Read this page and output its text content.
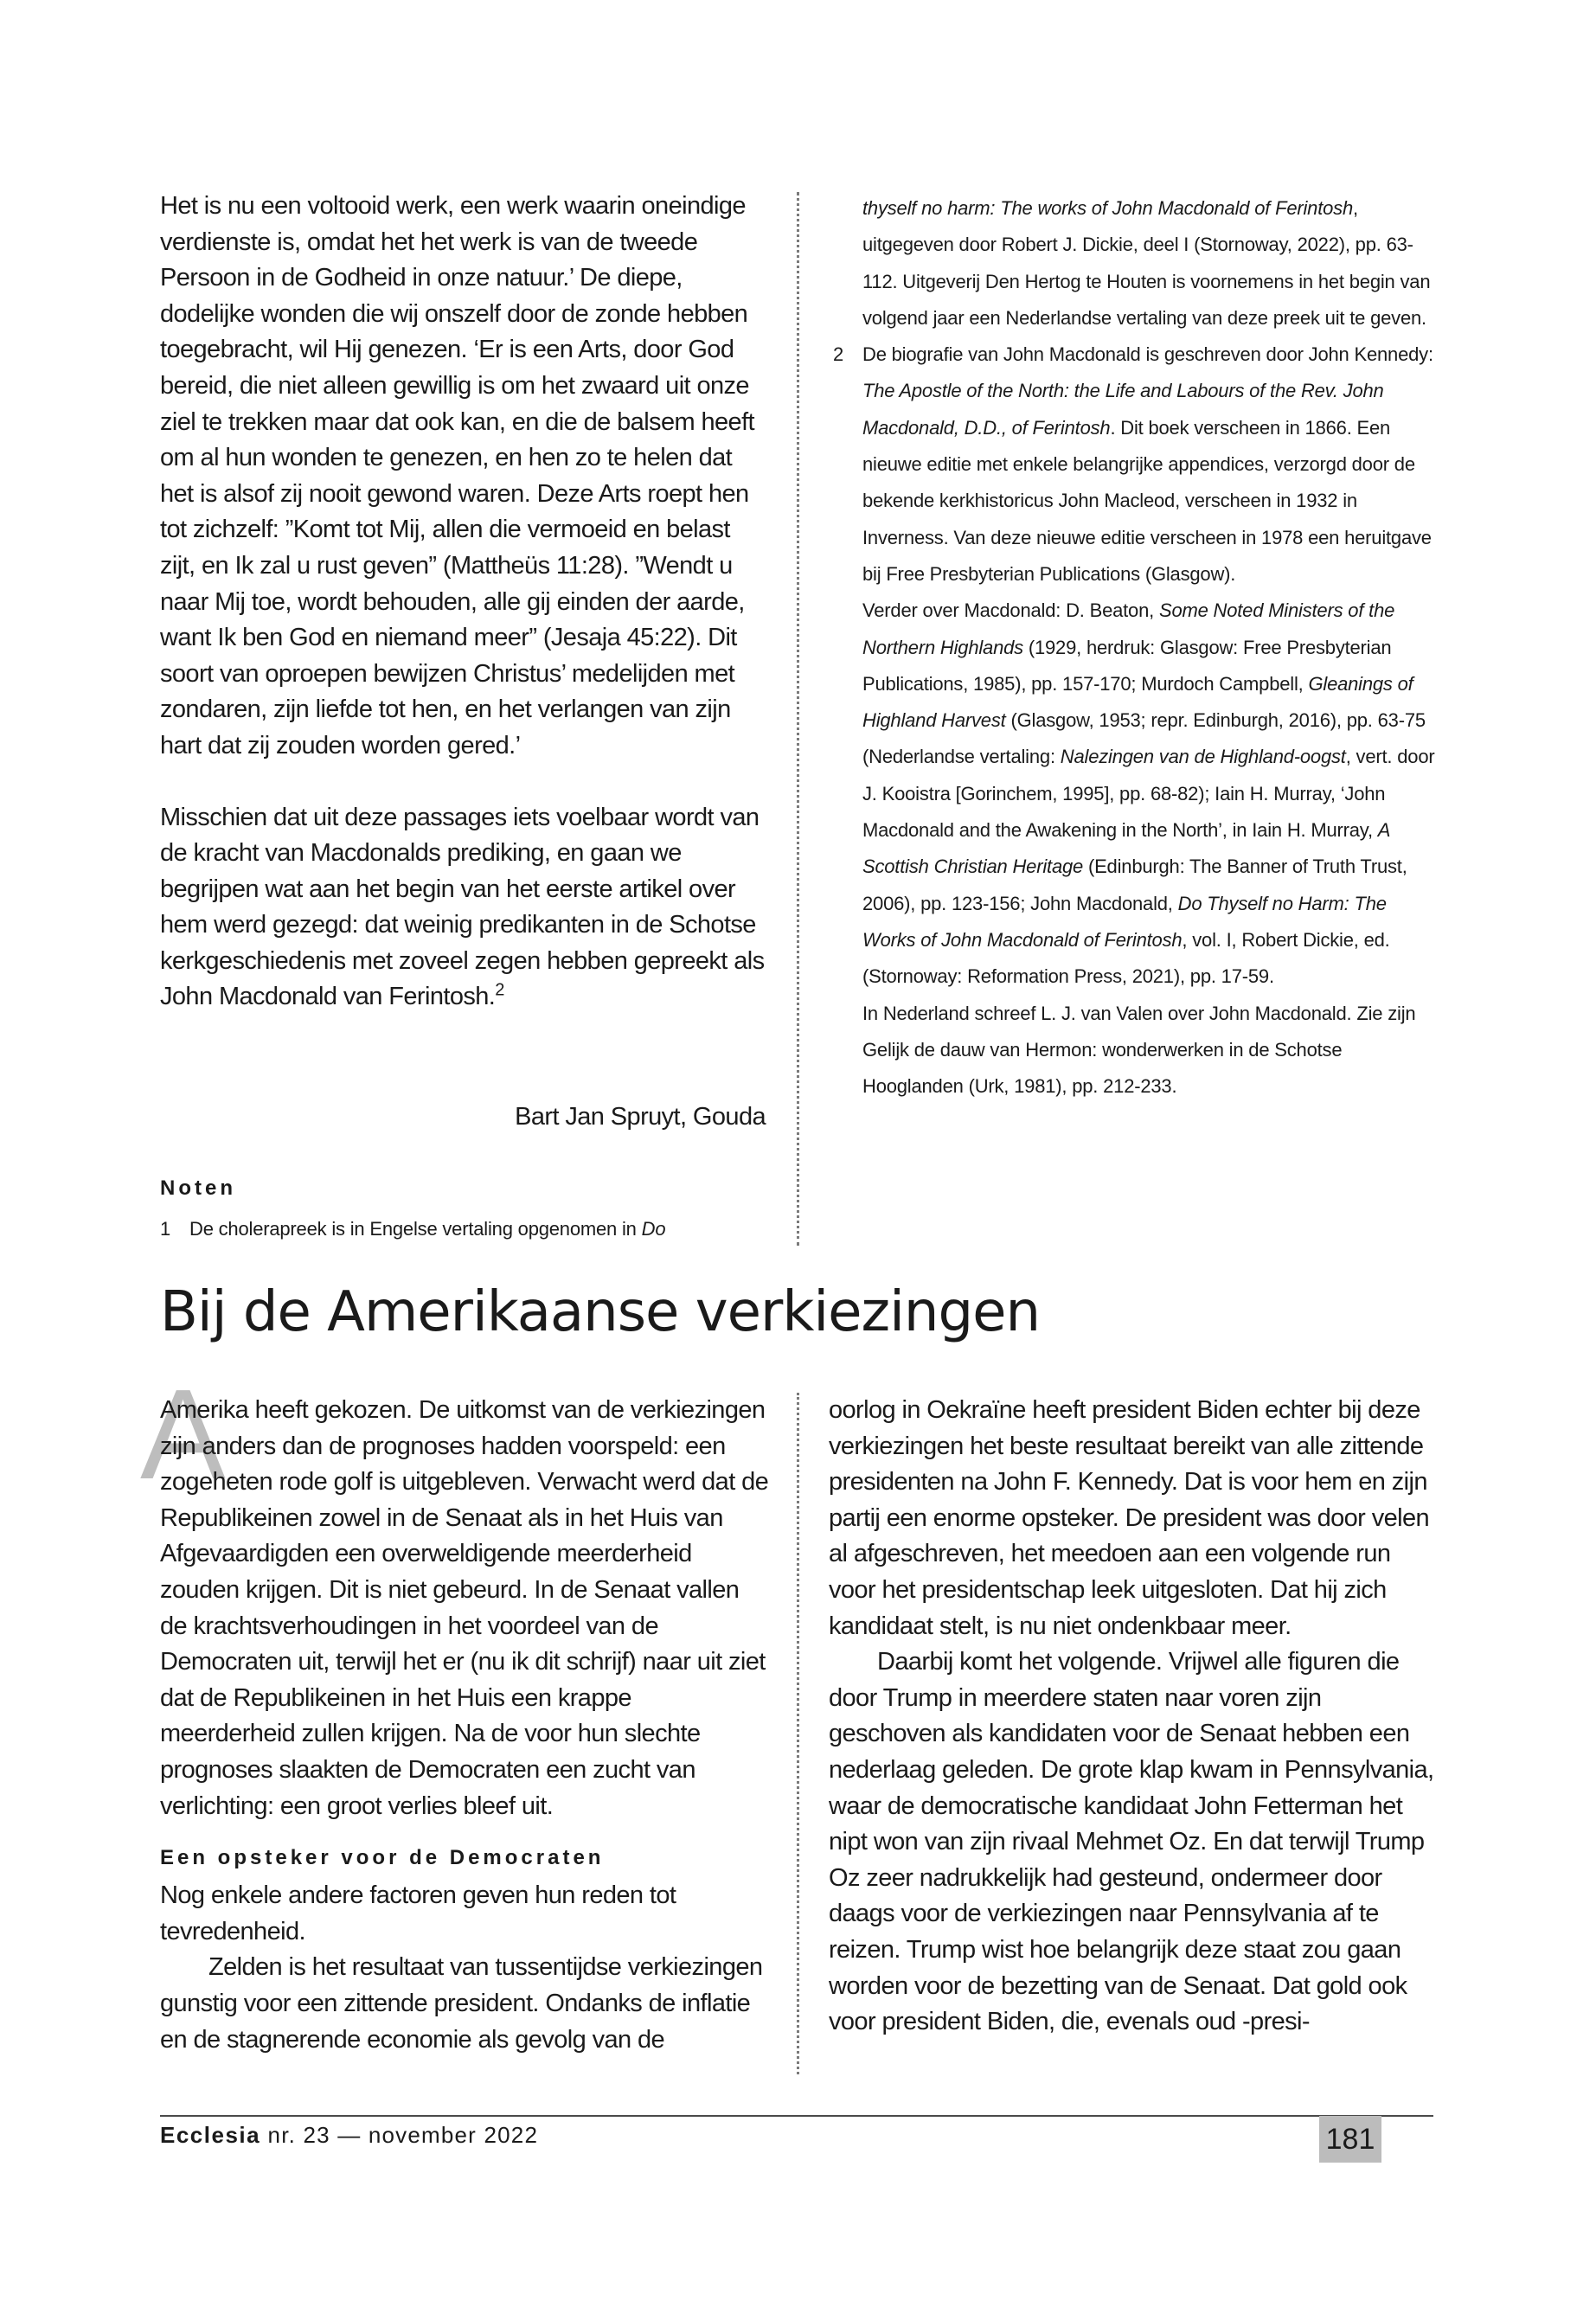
Het is nu een voltooid werk, een werk waarin oneindige verdienste is, omdat het het werk is van de tweede Persoon in de Godheid in onze natuur.’ De diepe, dodelijke wonden die wij onszelf door de zonde hebben toegebracht, wil Hij genezen. ‘Er is een Arts, door God bereid, die niet alleen gewillig is om het zwaard uit onze ziel te trekken maar dat ook kan, en die de balsem heeft om al hun wonden te genezen, en hen zo te helen dat het is alsof zij nooit gewond waren. Deze Arts roept hen tot zichzelf: ”Komt tot Mij, allen die vermoeid en belast zijt, en Ik zal u rust geven” (Mattheüs 11:28). ”Wendt u naar Mij toe, wordt behouden, alle gij einden der aarde, want Ik ben God en niemand meer” (Jesaja 45:22). Dit soort van oproepen bewijzen Christus’ medelijden met zondaren, zijn liefde tot hen, en het verlangen van zijn hart dat zij zouden worden gered.’

Misschien dat uit deze passages iets voelbaar wordt van de kracht van Macdonalds prediking, en gaan we begrijpen wat aan het begin van het eerste artikel over hem werd gezegd: dat weinig predikanten in de Schotse kerkgeschiedenis met zoveel zegen hebben gepreekt als John Macdonald van Ferintosh.$^2$

Bart Jan Spruyt, Gouda
Noten
1 De cholerapreek is in Engelse vertaling opgenomen in Do
thyself no harm: The works of John Macdonald of Ferintosh, uitgegeven door Robert J. Dickie, deel I (Stornoway, 2022), pp. 63-112. Uitgeverij Den Hertog te Houten is voornemens in het begin van volgend jaar een Nederlandse vertaling van deze preek uit te geven.
2 De biografie van John Macdonald is geschreven door John Kennedy: The Apostle of the North: the Life and Labours of the Rev. John Macdonald, D.D., of Ferintosh. Dit boek verscheen in 1866. Een nieuwe editie met enkele belangrijke appendices, verzorgd door de bekende kerkhistoricus John Macleod, verscheen in 1932 in Inverness. Van deze nieuwe editie verscheen in 1978 een heruitgave bij Free Presbyterian Publications (Glasgow).
Verder over Macdonald: D. Beaton, Some Noted Ministers of the Northern Highlands (1929, herdruk: Glasgow: Free Presbyterian Publications, 1985), pp. 157-170; Murdoch Campbell, Gleanings of Highland Harvest (Glasgow, 1953; repr. Edinburgh, 2016), pp. 63-75 (Nederlandse vertaling: Nalezingen van de Highland-oogst, vert. door J. Kooistra [Gorinchem, 1995], pp. 68-82); Iain H. Murray, ‘John Macdonald and the Awakening in the North’, in Iain H. Murray, A Scottish Christian Heritage (Edinburgh: The Banner of Truth Trust, 2006), pp. 123-156; John Macdonald, Do Thyself no Harm: The Works of John Macdonald of Ferintosh, vol. I, Robert Dickie, ed. (Stornoway: Reformation Press, 2021), pp. 17-59.
In Nederland schreef L. J. van Valen over John Macdonald. Zie zijn Gelijk de dauw van Hermon: wonderwerken in de Schotse Hooglanden (Urk, 1981), pp. 212-233.
Bij de Amerikaanse verkiezingen
A

Amerika heeft gekozen. De uitkomst van de verkiezingen zijn anders dan de prognoses hadden voorspeld: een zogeheten rode golf is uitgebleven. Verwacht werd dat de Republikeinen zowel in de Senaat als in het Huis van Afgevaardigden een overweldigende meerderheid zouden krijgen. Dit is niet gebeurd. In de Senaat vallen de krachtsverhoudingen in het voordeel van de Democraten uit, terwijl het er (nu ik dit schrijf) naar uit ziet dat de Republikeinen in het Huis een krappe meerderheid zullen krijgen. Na de voor hun slechte prognoses slaakten de Democraten een zucht van verlichting: een groot verlies bleef uit.

Een opsteker voor de Democraten

Nog enkele andere factoren geven hun reden tot tevredenheid.

Zelden is het resultaat van tussentijdse verkiezingen gunstig voor een zittende president. Ondanks de inflatie en de stagnerende economie als gevolg van de

oorlog in Oekraïne heeft president Biden echter bij deze verkiezingen het beste resultaat bereikt van alle zittende presidenten na John F. Kennedy. Dat is voor hem en zijn partij een enorme opsteker. De president was door velen al afgeschreven, het meedoen aan een volgende run voor het presidentschap leek uitgesloten. Dat hij zich kandidaat stelt, is nu niet ondenkbaar meer.

Daarbij komt het volgende. Vrijwel alle figuren die door Trump in meerdere staten naar voren zijn geschoven als kandidaten voor de Senaat hebben een nederlaag geleden. De grote klap kwam in Pennsylvania, waar de democratische kandidaat John Fetterman het nipt won van zijn rivaal Mehmet Oz. En dat terwijl Trump Oz zeer nadrukkelijk had gesteund, ondermeer door daags voor de verkiezingen naar Pennsylvania af te reizen. Trump wist hoe belangrijk deze staat zou gaan worden voor de bezetting van de Senaat. Dat gold ook voor president Biden, die, evenals oud -presi-

Ecclesia nr. 23 — november 2022	181
